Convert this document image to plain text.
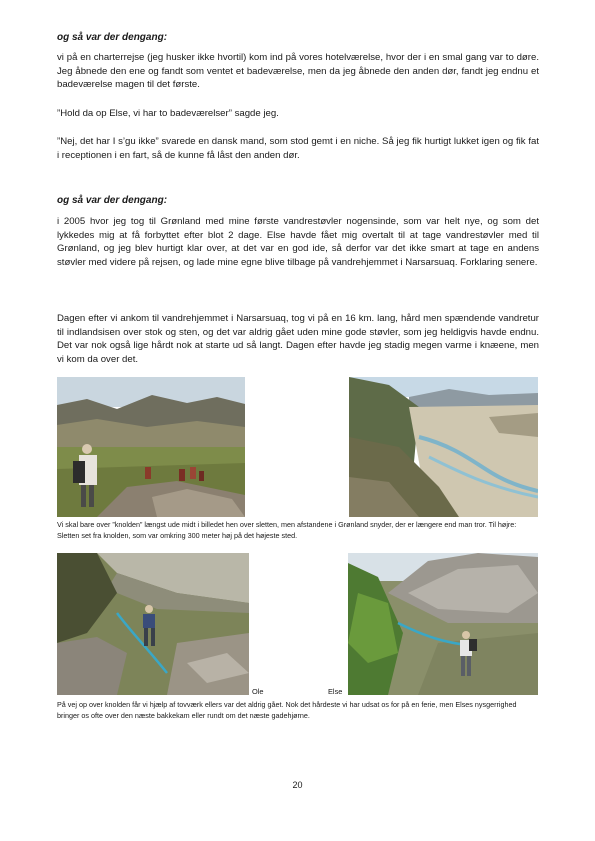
og så var der dengang:
vi på en charterrejse (jeg husker ikke hvortil) kom ind på vores hotelværelse, hvor der i en smal gang var to døre. Jeg åbnede den ene og fandt som ventet et badeværelse, men da jeg åbnede den anden dør, fandt jeg endnu et badeværelse magen til det første.
”Hold da op Else, vi har to badeværelser” sagde jeg.
”Nej, det har I s’gu ikke” svarede en dansk mand, som stod gemt i en niche. Så jeg fik hurtigt lukket igen og fik fat i receptionen i en fart, så de kunne få låst den anden dør.
og så var der dengang:
i 2005 hvor jeg tog til Grønland med mine første vandrestøvler nogensinde, som var helt nye, og som det lykkedes mig at få forbyttet efter blot 2 dage. Else havde fået mig overtalt til at tage vandrestøvler med til Grønland, og jeg blev hurtigt klar over, at det var en god ide, så derfor var det ikke smart at tage en andens støvler med videre på rejsen, og lade mine egne blive tilbage på vandrehjemmet i Narsarsuaq. Forklaring senere.
Dagen efter vi ankom til vandrehjemmet i Narsarsuaq, tog vi på en 16 km. lang, hård men spændende vandretur til indlandsisen over stok og sten, og det var aldrig gået uden mine gode støvler, som jeg heldigvis havde endnu. Det var nok også lige hårdt nok at starte ud så langt. Dagen efter havde jeg stadig megen varme i knæene, men vi kom da over det.
Vi skal bare over ”knolden” længst ude midt i billedet hen over sletten, men afstandene i Grønland snyder, der er længere end man tror. Til højre: Sletten set fra knolden, som var omkring 300 meter høj på det højeste sted.
Ole	Else
På vej op over knolden får vi hjælp af tovværk ellers var det aldrig gået. Nok det hårdeste vi har udsat os for på en ferie, men Elses nysgerrighed bringer os ofte over den næste bakkekam eller rundt om det næste gadehjørne.
20
